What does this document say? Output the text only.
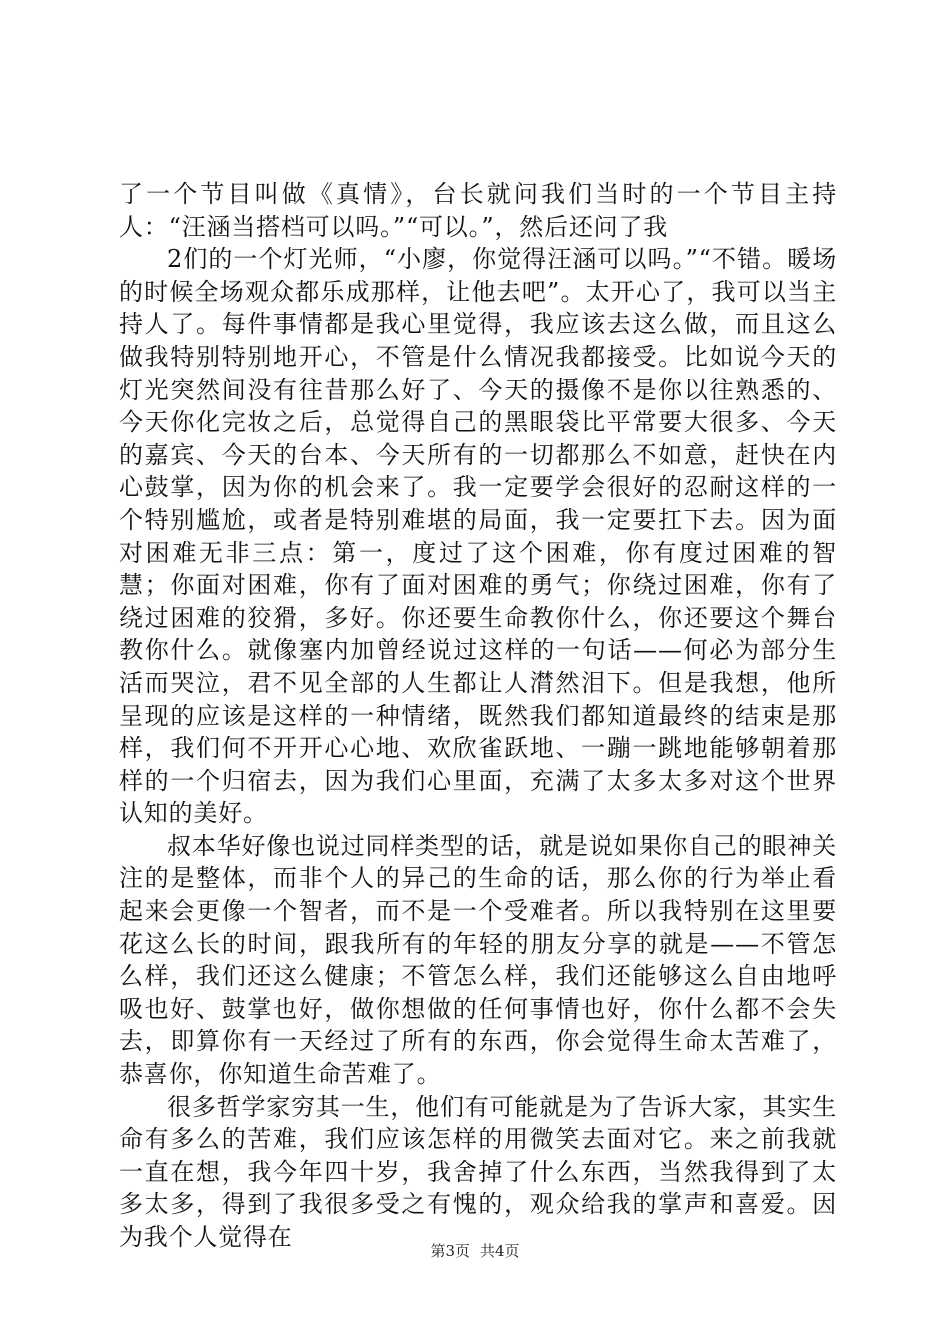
了一个节目叫做《真情》，台长就问我们当时的一个节目主持人：“汪涵当搭档可以吗。”“可以。”，然后还问了我

2们的一个灯光师，“小廖，你觉得汪涵可以吗。”“不错。暖场的时候全场观众都乐成那样，让他去吧”。太开心了，我可以当主持人了。每件事情都是我心里觉得，我应该去这么做，而且这么做我特别特别地开心，不管是什么情况我都接受。比如说今天的灯光突然间没有往昔那么好了、今天的摄像不是你以往熟悉的、今天你化完妆之后，总觉得自己的黑眼袋比平常要大很多、今天的嘉宾、今天的台本、今天所有的一切都那么不如意，赶快在内心鼓掌，因为你的机会来了。我一定要学会很好的忍耐这样的一个特别尴尬，或者是特别难堪的局面，我一定要扛下去。因为面对困难无非三点：第一，度过了这个困难，你有度过困难的智慧；你面对困难，你有了面对困难的勇气；你绕过困难，你有了绕过困难的狡猾，多好。你还要生命教你什么，你还要这个舞台教你什么。就像塞内加曾经说过这样的一句话——何必为部分生活而哭泣，君不见全部的人生都让人潸然泪下。但是我想，他所呈现的应该是这样的一种情绪，既然我们都知道最终的结束是那样，我们何不开开心心地、欢欣雀跃地、一蹦一跳地能够朝着那样的一个归宿去，因为我们心里面，充满了太多太多对这个世界认知的美好。

叔本华好像也说过同样类型的话，就是说如果你自己的眼神关注的是整体，而非个人的异己的生命的话，那么你的行为举止看起来会更像一个智者，而不是一个受难者。所以我特别在这里要花这么长的时间，跟我所有的年轻的朋友分享的就是——不管怎么样，我们还这么健康；不管怎么样，我们还能够这么自由地呼吸也好、鼓掌也好，做你想做的任何事情也好，你什么都不会失去，即算你有一天经过了所有的东西，你会觉得生命太苦难了，恭喜你，你知道生命苦难了。

很多哲学家穷其一生，他们有可能就是为了告诉大家，其实生命有多么的苦难，我们应该怎样的用微笑去面对它。来之前我就一直在想，我今年四十岁，我舍掉了什么东西，当然我得到了太多太多，得到了我很多受之有愧的，观众给我的掌声和喜爱。因为我个人觉得在	第3页 共4页
